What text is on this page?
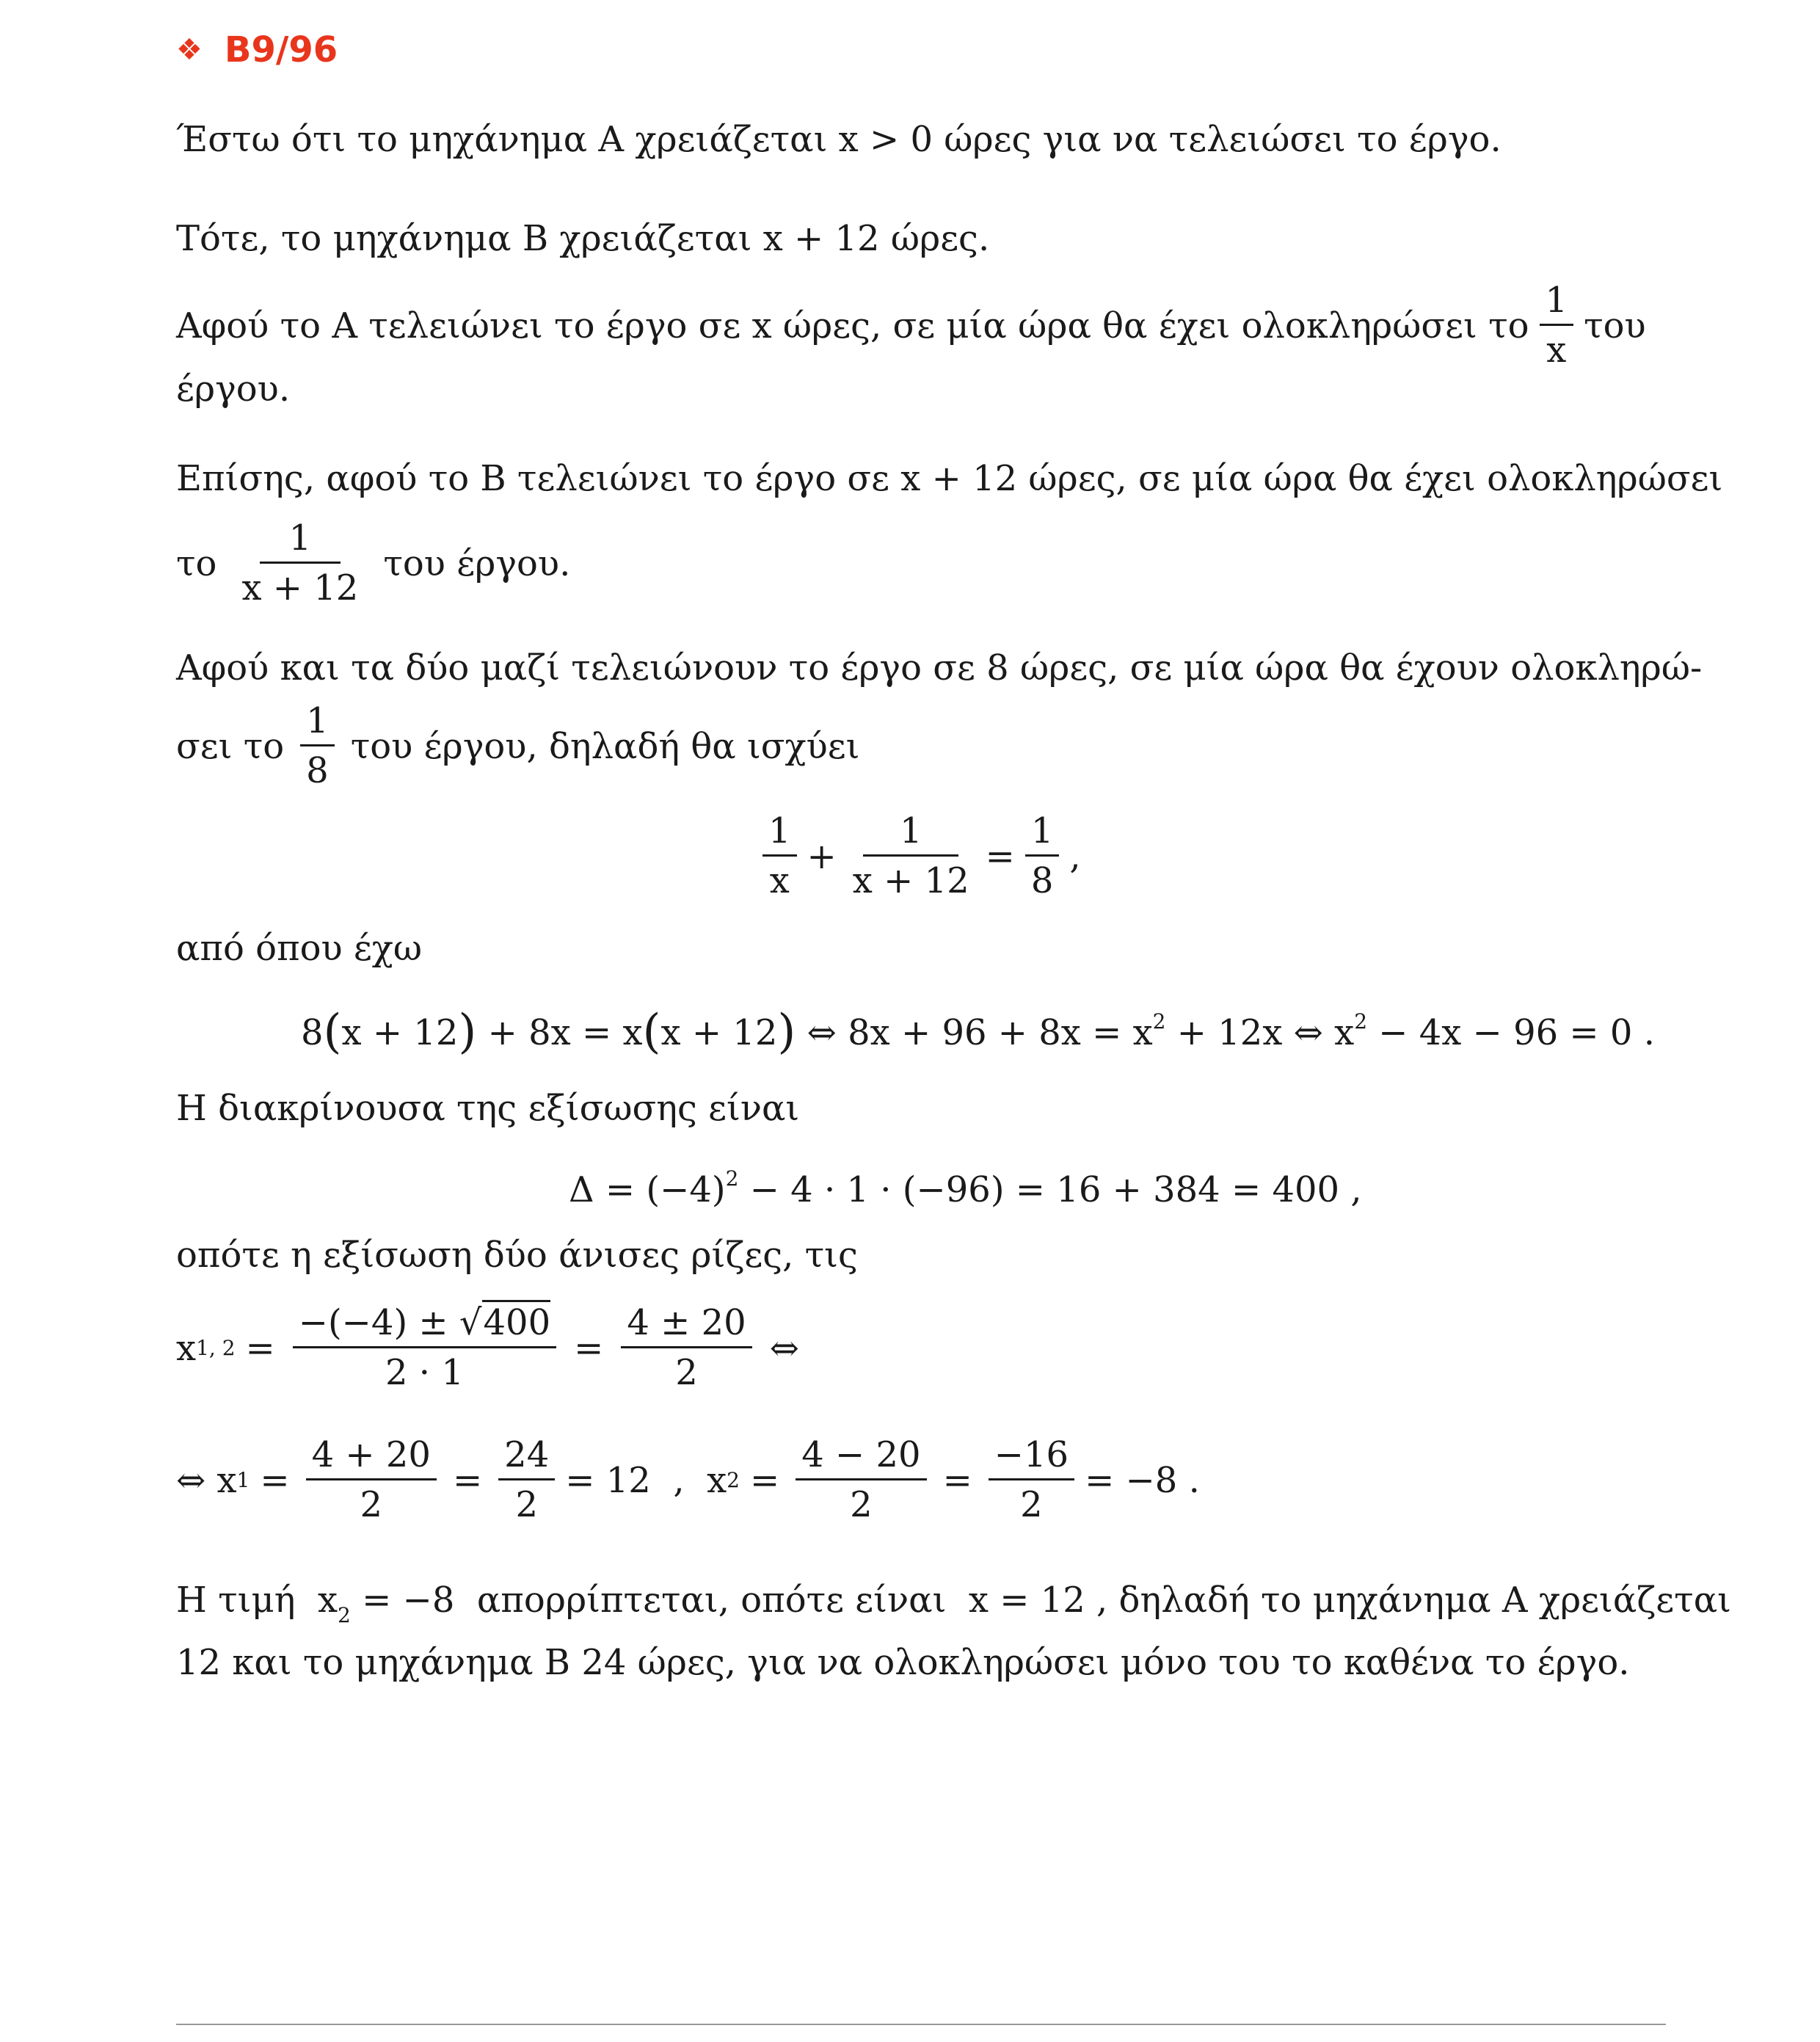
❖ B9/96
Έστω ότι το μηχάνημα Α χρειάζεται x > 0 ώρες για να τελειώσει το έργο.
Τότε, το μηχάνημα Β χρειάζεται x + 12 ώρες.
Αφού το Α τελειώνει το έργο σε x ώρες, σε μία ώρα θα έχει ολοκληρώσει το $\frac{1}{x}$ του
έργου.
Επίσης, αφού το Β τελειώνει το έργο σε x + 12 ώρες, σε μία ώρα θα έχει ολοκληρώσει
το $\frac{1}{x + 12}$ του έργου.
Αφού και τα δύο μαζί τελειώνουν το έργο σε 8 ώρες, σε μία ώρα θα έχουν ολοκληρώ-
σει το $\frac{1}{8}$ του έργου, δηλαδή θα ισχύει
$\frac{1}{x} + \frac{1}{x + 12} = \frac{1}{8}$ ,
από όπου έχω
8(x + 12) + 8x = x(x + 12) ⇔ $8x + 96 + 8x = x^2 + 12x$ ⇔ $x^2 - 4x - 96 = 0$ .
Η διακρίνουσα της εξίσωσης είναι
$\Delta = (-4)^2 - 4 \cdot 1 \cdot (-96) = 16 + 384 = 400$ ,
οπότε η εξίσωση δύο άνισες ρίζες, τις
x 1, $2 = \frac{-(-4) \pm √400}{2 \cdot 1} = \frac{4 \pm 20}{2}$ ⇔
⇔ x $1 = \frac{4 + 20}{2} = \frac{24}{2} = 12$  ,  x $2 = \frac{4 - 20}{2} = \frac{-16}{2} = -8$ .
Η τιμή  $x_2 = -8$  απορρίπτεται, οπότε είναι  x = 12 , δηλαδή το μηχάνημα Α χρειάζεται
12 και το μηχάνημα Β 24 ώρες, για να ολοκληρώσει μόνο του το καθένα το έργο.
